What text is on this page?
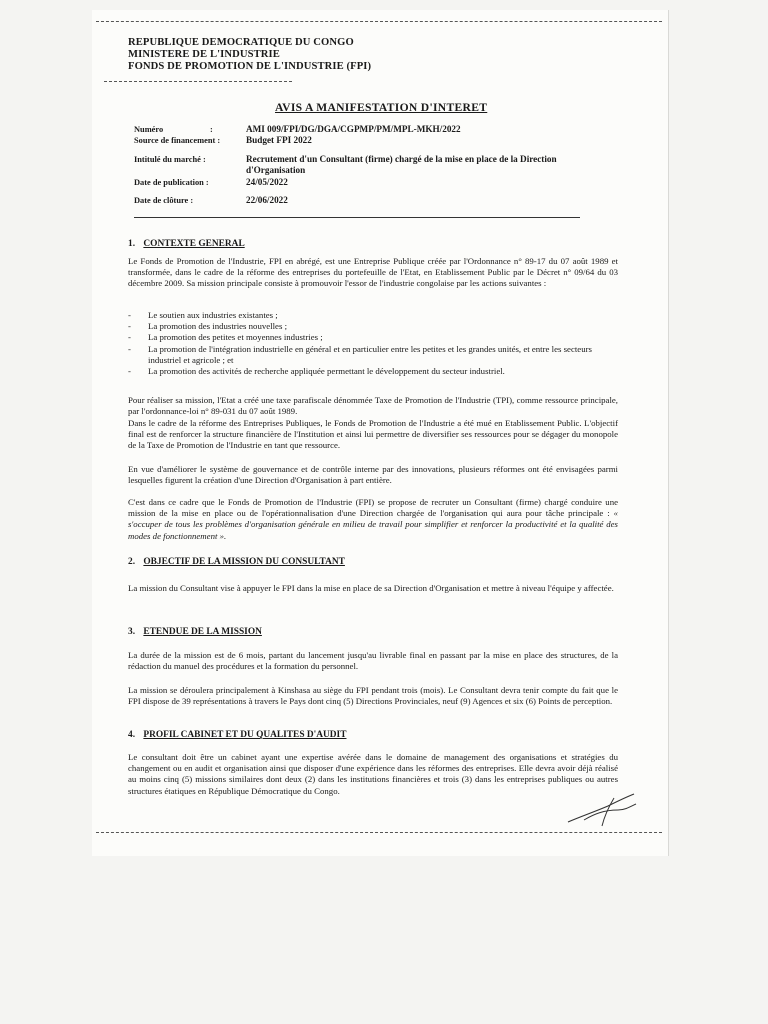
REPUBLIQUE DEMOCRATIQUE DU CONGO
MINISTERE DE L'INDUSTRIE
FONDS DE PROMOTION DE L'INDUSTRIE (FPI)
AVIS A MANIFESTATION D'INTERET
Numéro	:	AMI 009/FPI/DG/DGA/CGPMP/PM/MPL-MKH/2022
Source de financement :	Budget FPI 2022
Intitulé du marché :	Recrutement d'un Consultant (firme) chargé de la mise en place de la Direction d'Organisation
Date de publication :	24/05/2022
Date de clôture :	22/06/2022
1. CONTEXTE GENERAL

Le Fonds de Promotion de l'Industrie, FPI en abrégé, est une Entreprise Publique créée par l'Ordonnance n° 89-17 du 07 août 1989 et transformée, dans le cadre de la réforme des entreprises du portefeuille de l'Etat, en Etablissement Public par le Décret n° 09/64 du 03 décembre 2009. Sa mission principale consiste à promouvoir l'essor de l'industrie congolaise par les actions suivantes :

- Le soutien aux industries existantes ;
- La promotion des industries nouvelles ;
- La promotion des petites et moyennes industries ;
- La promotion de l'intégration industrielle en général et en particulier entre les petites et les grandes unités, et entre les secteurs industriel et agricole ; et
- La promotion des activités de recherche appliquée permettant le développement du secteur industriel.

Pour réaliser sa mission, l'Etat a créé une taxe parafiscale dénommée Taxe de Promotion de l'Industrie (TPI), comme ressource principale, par l'ordonnance-loi n° 89-031 du 07 août 1989.

Dans le cadre de la réforme des Entreprises Publiques, le Fonds de Promotion de l'Industrie a été mué en Etablissement Public. L'objectif final est de renforcer la structure financière de l'Institution et ainsi lui permettre de diversifier ses ressources pour se dégager du monopole de la Taxe de Promotion de l'Industrie en tant que ressource.

En vue d'améliorer le système de gouvernance et de contrôle interne par des innovations, plusieurs réformes ont été envisagées parmi lesquelles figurent la création d'une Direction d'Organisation à part entière.

C'est dans ce cadre que le Fonds de Promotion de l'Industrie (FPI) se propose de recruter un Consultant (firme) chargé conduire une mission de la mise en place ou de l'opérationnalisation d'une Direction chargée de l'organisation qui aura pour tâche principale : « s'occuper de tous les problèmes d'organisation générale en milieu de travail pour simplifier et renforcer la productivité et la qualité des modes de fonctionnement ».

2. OBJECTIF DE LA MISSION DU CONSULTANT

La mission du Consultant vise à appuyer le FPI dans la mise en place de sa Direction d'Organisation et mettre à niveau l'équipe y affectée.

3. ETENDUE DE LA MISSION

La durée de la mission est de 6 mois, partant du lancement jusqu'au livrable final en passant par la mise en place des structures, de la rédaction du manuel des procédures et la formation du personnel.

La mission se déroulera principalement à Kinshasa au siège du FPI pendant trois (mois). Le Consultant devra tenir compte du fait que le FPI dispose de 39 représentations à travers le Pays dont cinq (5) Directions Provinciales, neuf (9) Agences et six (6) Points de perception.

4. PROFIL CABINET ET DU QUALITES D'AUDIT

Le consultant doit être un cabinet ayant une expertise avérée dans le domaine de management des organisations et stratégies du changement ou en audit et organisation ainsi que disposer d'une expérience dans les réformes des entreprises. Elle devra avoir déjà réalisé au moins cinq (5) missions similaires dont deux (2) dans les institutions financières et trois (3) dans les entreprises publiques ou autres structures étatiques en République Démocratique du Congo.
